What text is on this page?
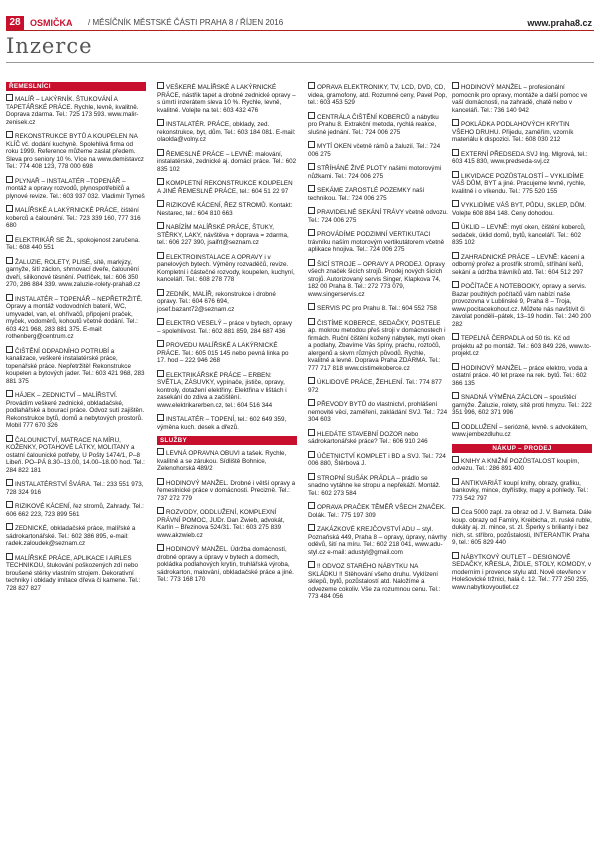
28	OSMIČKA / MĚSÍČNÍK MĚSTSKÉ ČÁSTI PRAHA 8 / ŘÍJEN 2016	www.praha8.cz
Inzerce
ŘEMESLNÍCI
MALÍŘ – LAKÝRNÍK. ŠTUKOVÁNÍ A TAPETÁŘSKÉ PRÁCE. Rychle, levně, kvalitně. Doprava zdarma. Tel.: 725 173 593. www.malir-zenisek.cz
REKONSTRUKCE BYTŮ A KOUPELEN NA KLÍČ vč. dodání kuchyně. Spolehlivá firma od roku 1999. Reference můžeme zaslat předem. Sleva pro seniory 10 %. Více na www.demistavcz Tel.: 774 408 123, 778 000 698
PLYNAŘ – INSTALATÉR –TOPENÁŘ – montáž a opravy rozvodů, plynospotřebičů a plynové revize. Tel.: 603 937 032. Vladimír Tymeš
MALÍŘSKÉ A LAKÝRNICKÉ PRÁCE, čištění koberců a čalounění. Tel.: 723 339 160, 777 316 680
ELEKTRIKÁŘ SE ŽL, spokojenost zaručena. Tel.: 608 440 551
ŽALUZIE, ROLETY, PLISÉ, sítě, markýzy, garnyže, šití záclon, shrnovací dveře, čalounění dveří, silikonové těsnění. Petříček, tel.: 606 350 270, 286 884 339. www.zaluzie-rolety-praha8.cz
INSTALATÉR – TOPENÁŘ – NEPŘETRŽITĚ. Opravy a montáž vodovodních baterií, WC, umyvadel, van, el. ohřívačů, připojení praček, myček, vodoměrů, kohoutů včetně dodání. Tel.: 603 421 968, 283 881 375. E-mail: rothenberg@centrum.cz
ČIŠTĚNÍ ODPADNÍHO POTRUBÍ a kanalizace, veškeré instalatérské práce, topenářské práce. Nepřetržitě! Rekonstrukce koupelen a bytových jader. Tel.: 603 421 968, 283 881 375
HÁJEK – ZEDNICTVÍ – MALÍŘSTVÍ. Provádím veškeré zednické, obkladačské, podlahářské a bourací práce. Odvoz sutí zajištěn. Rekonstrukce bytů, domů a nebytových prostorů. Mobil 777 670 326
ČALOUNICTVÍ, MATRACE NA MÍRU, KOŽENKY, POTAHOVÉ LÁTKY, MOLITANY a ostatní čalounické potřeby, U Pošty 1474/1, P–8 Libeň. PO–PÁ 8.30–13.00, 14.00–18.00 hod. Tel.: 284 822 181
INSTALATÉRSTVÍ ŠVÁRA. Tel.: 233 551 973, 728 324 916
RIZIKOVÉ KÁCENÍ, řez stromů, Zahrady. Tel.: 606 662 223, 723 899 561
ZEDNICKÉ, obkladačské práce, malířské a sádrokartonářské. Tel.: 602 386 895, e-mail: radek.zaloudek@seznam.cz
MALÍŘSKÉ PRÁCE, APLIKACE I AIRLES TECHNIKOU, štukování poškozených zdí nebo broušené stěrky vlastním strojem. Dekorativní techniky i obklady imitace dřeva či kamene. Tel.: 728 827 827
VEŠKERÉ MALÍŘSKÉ A LAKÝRNICKÉ PRÁCE, nástřik tapet a drobné zednické opravy – s úmrtí inzerátem sleva 10 %. Rychle, levně, kvalitně. Volejte na tel.: 603 432 476
INSTALATÉR. PRÁCE, obklady, zed. rekonstrukce, byt, dům. Tel.: 603 184 081. E-mail: olaolda@volny.cz
ŘEMESLNÉ PRÁCE – LEVNĚ: malování, instalatérské, zednické aj. domácí práce. Tel.: 602 835 102
KOMPLETNÍ REKONSTRUKCE KOUPELEN A JINÉ ŘEMESLNÉ PRÁCE, tel.: 604 51 22 97
RIZIKOVÉ KÁCENÍ, ŘEZ STROMŮ. Kontakt: Nestarec, tel.: 604 810 663
NABÍZÍM MALÍŘSKÉ PRÁCE, ŠTUKY, STĚRKY, LAKY, návštěva + doprava = zdarma, tel.: 606 227 390, jsaifrt@seznam.cz
ELEKTROINSTALACE A OPRAVY i v panelových bytech. Výměny rozvaděčů, revize. Kompletní i částečné rozvody, koupelen, kuchyní, kanceláří. Tel.: 608 278 778
ZEDNÍK, MALÍŘ, rekonstrukce i drobné opravy. Tel.: 604 676 694, josef.bazant72@seznam.cz
ELEKTRO VESELÝ – práce v bytech, opravy – spolehlivost. Tel.: 602 881 859, 284 687 436
PROVEDU MALÍŘSKÉ A LAKÝRNICKÉ PRÁCE. Tel.: 605 015 145 nebo pevná linka po 17. hod – 222 946 268
ELEKTRIKÁŘSKÉ PRÁCE – ERBEN: SVĚTLA, ZÁSUVKY, vypínače, jističe, opravy, kontroly, dotažení elektřiny. Elektřina v lištách i zasekání do zdiva a začištění. www.elektrikarerben.cz, tel.: 604 516 344
INSTALATÉR – TOPENÍ, tel.: 602 649 359, výměna kuch. desek a dřezů.
SLUŽBY
LEVNÁ OPRAVNA OBUVI a tašek. Rychle, kvalitně a se zárukou. Sídliště Bohnice, Zelenohorská 489/2
HODINOVÝ MANŽEL. Drobné i větší opravy a řemeslnické práce v domácnosti. Precizně. Tel.: 737 272 779
ROZVODY, ODDLUŽENÍ, KOMPLEXNÍ PRÁVNÍ POMOC, JUDr. Dan Zwieb, advokát, Karlín – Březinova 524/31. Tel.: 603 275 839 www.akzwieb.cz
HODINOVÝ MANŽEL. Údržba domácností, drobné opravy a úpravy v bytech a domech, pokládka podlahových krytin, truhlářská výroba, sádrokarton, malování, obkladačské práce a jiné. Tel.: 773 168 170
OPRAVA ELEKTRONIKY, TV, LCD, DVD, CD, videa, gramofony, atd. Rozumné ceny, Pavel Pop, tel.: 603 453 529
CENTRÁLA ČIŠTĚNÍ KOBERCŮ a nábytku pro Prahu 8. Extrakční metoda, rychlá reakce, slušné jednání. Tel.: 724 006 275
MYTÍ OKEN včetně rámů a žaluzií. Tel.: 724 006 275
STŘÍHÁNÉ ŽIVÉ PLOTY našimi motorovými nůžkami. Tel.: 724 006 275
SEKÁME ZAROSTLÉ POZEMKY naší technikou. Tel.: 724 006 275
PRAVIDELNÉ SEKÁNÍ TRÁVY včetně odvozu. Tel.: 724 006 275
PROVÁDÍME PODZIMNÍ VERTIKUTACI trávníku naším motorovým vertikutátorem včetně aplikace hnojiva. Tel.: 724 006 275
ŠICÍ STROJE – OPRAVY A PRODEJ. Opravy všech značek šicích strojů. Prodej nových šicích strojů. Autorizovaný servis Singer, Klapkova 74, 182 00 Praha 8. Tel.: 272 773 079, www.singerservis.cz
SERVIS PC pro Prahu 8. Tel.: 604 552 758
ČISTÍME KOBERCE, SEDAČKY, POSTELE ap. mokrou metodou přeš stroji v domácnostech i firmách. Ruční čištění kožený nábytek, mytí oken a podlahy, Zbavíme Vás špíny, prachu, roztočů, alergenů a skvrn různých původů. Rychle, kvalitně a levně. Doprava Praha ZDARMA. Tel.: 777 717 818 www.cistimekoberce.cz
ÚKLIDOVÉ PRÁCE, ŽEHLENÍ. Tel.: 774 877 972
PŘEVODY BYTŮ do vlastnictví, prohlášení nemovité věci, zaměření, zakládání SVJ. Tel.: 724 304 603
HLEDÁTE STAVEBNÍ DOZOR nebo sádrokartonářské práce? Tel.: 606 910 246
ÚČETNICTVÍ KOMPLET i BD a SVJ. Tel.: 724 006 880, Štěrbová J.
STROPNÍ SUŠÁK PRÁDLA – prádlo se snadno vytáhne ke stropu a nepřekáží. Montáž. Tel.: 602 273 584
OPRAVA PRAČEK TĚMĚŘ VŠECH ZNAČEK. Dolák. Tel.: 775 197 309
ZAKÁZKOVÉ KREJČOVSTVÍ ADU – styl. Poznaňská 449, Praha 8 – opravy, úpravy, návrhy oděvů, šití na míru. Tel.: 602 218 041, www.adu-styl.cz e-mail: adustyl@gmail.com
!! ODVOZ STARÉHO NÁBYTKU NA SKLÁDKU !! Stěhování všeho druhu. Vyklízení sklepů, bytů, pozůstalostí atd. Naložíme a odvezeme cokoliv. Vše za rozumnou cenu. Tel.: 773 484 056
HODINOVÝ MANŽEL – profesionální pomocník pro opravy, montáže a další pomoc ve vaší domácnosti, na zahradě, chatě nebo v kanceláři. Tel.: 736 140 942
POKLÁDKA PODLAHOVÝCH KRYTIN VŠEHO DRUHU. Přijedu, zaměřím, vzorník materiálu k dispozici. Tel.: 608 030 212
EXTERNÍ PŘEDSEDA SVJ Ing. Mlgrová, tel.: 603 415 830, www.predseda-svj.cz
LIKVIDACE POZŮSTALOSTÍ – VYKLIDÍME VÁŠ DŮM, BYT a jiné. Pracujeme levně, rychle, kvalitně i o víkendu. Tel.: 775 520 155
VYKLIDÍME VÁŠ BYT, PŮDU, SKLEP, DŮM. Volejte 608 884 148. Ceny dohodou.
ÚKLID – LEVNĚ: mytí oken, čištění koberců, sedaček, úklid domů, bytů, kanceláří. Tel.: 602 835 102
ZAHRADNICKÉ PRÁCE – LEVNĚ: kácení a odborný prořez a prostřik stromů, stříhání keřů, sekání a údržba trávníků atd. Tel.: 604 512 297
POČÍTAČE A NOTEBOOKY, opravy a servis. Bazar použitých počítačů vám nabízí naše provozovna v Lublinské 9, Praha 8 – Troja, www.pocitacekohout.cz. Můžete nás navštívit či zavolat pondělí–pátek, 13–19 hodin. Tel.: 240 200 282
TEPELNÁ ČERPADLA od 50 tis. Kč od projektu až po montáž. Tel.: 603 849 226, www.tc-projekt.cz
HODINOVÝ MANŽEL – práce elektro, voda a ostatní práce. 40 let praxe na rek. bytů. Tel.: 602 366 135
SNADNÁ VÝMĚNA ZÁCLON – spouštěcí garnýže. Žaluzie, rolety, sítě proti hmyzu. Tel.: 222 351 996, 602 371 996
ODDLUŽENÍ – seriózně, levně. s advokátem, www.jembezdluhu.cz
NÁKUP – PRODEJ
KNIHY A KNIŽNÍ POZŮSTALOST koupím, odvezu. Tel.: 286 891 400
ANTIKVARIÁT koupí knihy, obrazy, grafiku, bankovky, mince, čtyřlístky, mapy a pohledy. Tel.: 773 542 797
Cca 5000 zapl. za obraz od J. V. Barneta. Dále koup. obrazy od Famíry, Kreibicha, zl. ruské ruble, dukáty aj. zl. mince, st. zl. Šperky s brilianty i bez nich, st. stříbro, pozůstalosti, INTERANTIK Praha 9, tel.: 605 829 440
NÁBYTKOVÝ OUTLET – DESIGNOVÉ SEDAČKY, KŘESLA, ŽIDLE, STOLY, KOMODY, v moderním i provence stylu atd. Nově otevřeno v Holešovické tržnici, hala č. 12. Tel.: 777 250 255, www.nabytkovyoutlet.cz
